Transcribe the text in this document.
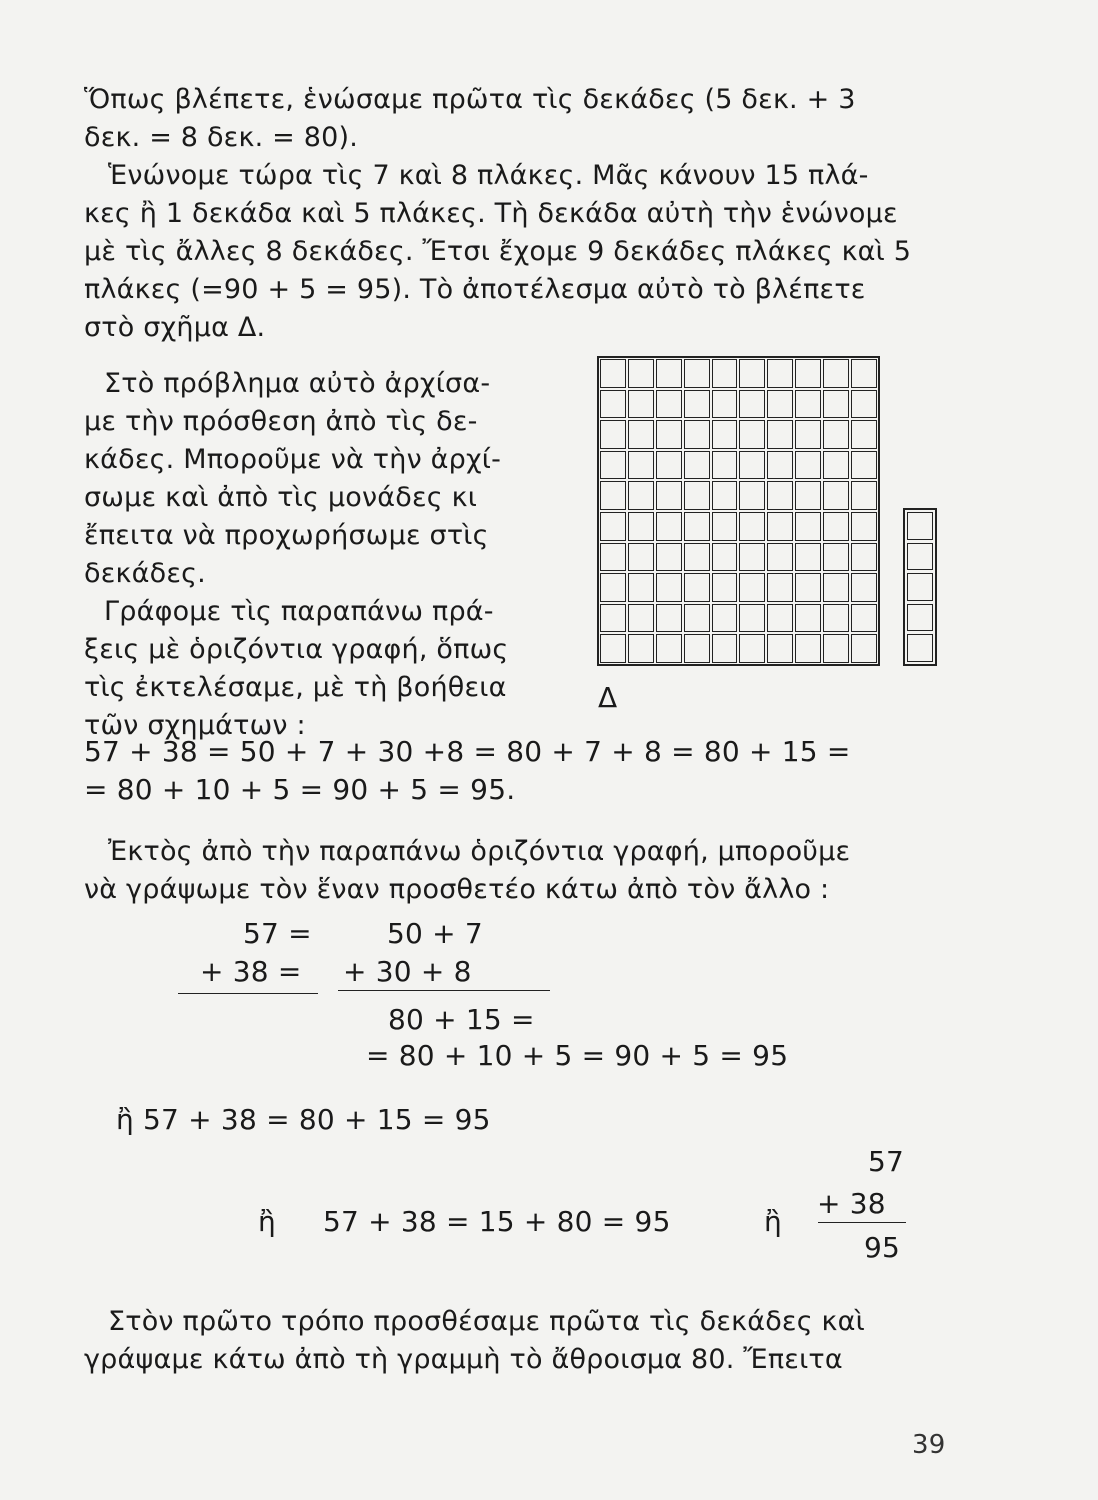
Ὅπως βλέπετε, ἑνώσαμε πρῶτα τὶς δεκάδες (5 δεκ. + 3
δεκ. = 8 δεκ. = 80).
Ἑνώνομε τώρα τὶς 7 καὶ 8 πλάκες. Μᾶς κάνουν 15 πλά-
κες ἢ 1 δεκάδα καὶ 5 πλάκες. Τὴ δεκάδα αὐτὴ τὴν ἑνώνομε
μὲ τὶς ἄλλες 8 δεκάδες. Ἔτσι ἔχομε 9 δεκάδες πλάκες καὶ 5
πλάκες (=90 + 5 = 95). Τὸ ἀποτέλεσμα αὐτὸ τὸ βλέπετε
στὸ σχῆμα Δ.
Στὸ πρόβλημα αὐτὸ ἀρχίσα-
με τὴν πρόσθεση ἀπὸ τὶς δε-
κάδες. Μποροῦμε νὰ τὴν ἀρχί-
σωμε καὶ ἀπὸ τὶς μονάδες κι
ἔπειτα νὰ προχωρήσωμε στὶς
δεκάδες.
Γράφομε τὶς παραπάνω πρά-
ξεις μὲ ὁριζόντια γραφή, ὅπως
τὶς ἐκτελέσαμε, μὲ τὴ βοήθεια
τῶν σχημάτων :
Δ
57 + 38 = 50 + 7 + 30 +8 = 80 + 7 + 8 = 80 + 15 =
= 80 + 10 + 5 = 90 + 5 = 95.
Ἐκτὸς ἀπὸ τὴν παραπάνω ὁριζόντια γραφή, μποροῦμε
νὰ γράψωμε τὸν ἕναν προσθετέο κάτω ἀπὸ τὸν ἄλλο :
57 =	50 + 7
+ 38 = + 30 + 8
80 + 15 =
= 80 + 10 + 5 = 90 + 5 = 95
ἢ 57 + 38 = 80 + 15 = 95
57
+ 38
95
ἢ 57 + 38 = 15 + 80 = 95	ἢ
Στὸν πρῶτο τρόπο προσθέσαμε πρῶτα τὶς δεκάδες καὶ
γράψαμε κάτω ἀπὸ τὴ γραμμὴ τὸ ἄθροισμα 80. Ἔπειτα
39
